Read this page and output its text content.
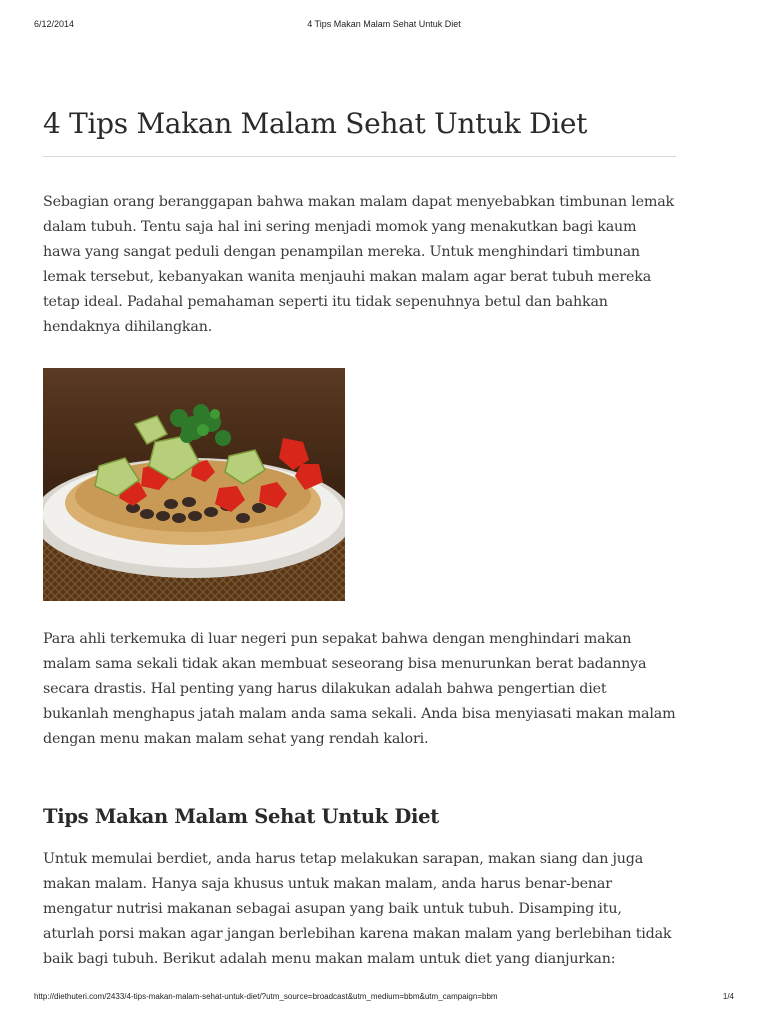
6/12/2014	4 Tips Makan Malam Sehat Untuk Diet
4 Tips Makan Malam Sehat Untuk Diet

Sebagian orang beranggapan bahwa makan malam dapat menyebabkan timbunan lemak dalam tubuh. Tentu saja hal ini sering menjadi momok yang menakutkan bagi kaum hawa yang sangat peduli dengan penampilan mereka. Untuk menghindari timbunan lemak tersebut, kebanyakan wanita menjauhi makan malam agar berat tubuh mereka tetap ideal. Padahal pemahaman seperti itu tidak sepenuhnya betul dan bahkan hendaknya dihilangkan.

Para ahli terkemuka di luar negeri pun sepakat bahwa dengan menghindari makan malam sama sekali tidak akan membuat seseorang bisa menurunkan berat badannya secara drastis. Hal penting yang harus dilakukan adalah bahwa pengertian diet bukanlah menghapus jatah malam anda sama sekali. Anda bisa menyiasati makan malam dengan menu makan malam sehat yang rendah kalori.

Tips Makan Malam Sehat Untuk Diet

Untuk memulai berdiet, anda harus tetap melakukan sarapan, makan siang dan juga makan malam. Hanya saja khusus untuk makan malam, anda harus benar-benar mengatur nutrisi makanan sebagai asupan yang baik untuk tubuh. Disamping itu, aturlah porsi makan agar jangan berlebihan karena makan malam yang berlebihan tidak baik bagi tubuh. Berikut adalah menu makan malam untuk diet yang dianjurkan:

http://diethuteri.com/2433/4-tips-makan-malam-sehat-untuk-diet/?utm_source=broadcast&utm_medium=bbm&utm_campaign=bbm	1/4
